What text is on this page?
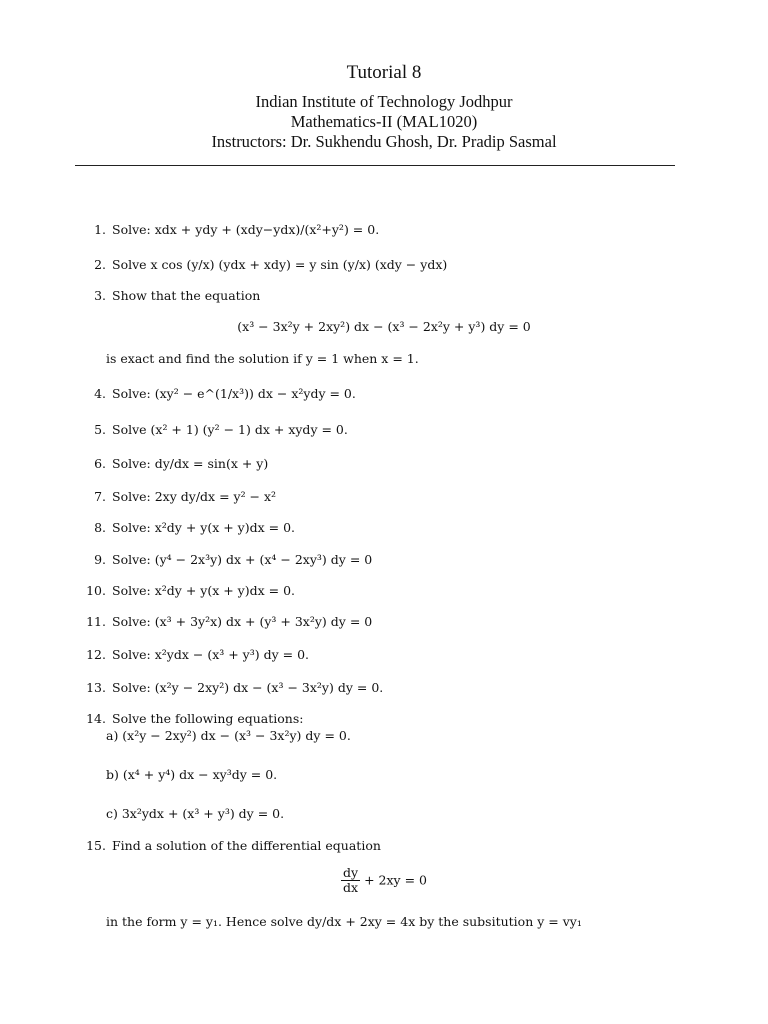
Tutorial 8
Indian Institute of Technology Jodhpur
Mathematics-II (MAL1020)
Instructors: Dr. Sukhendu Ghosh, Dr. Pradip Sasmal
1. Solve: xdx + ydy + (xdy−ydx)/(x²+y²) = 0.
2. Solve x cos (y/x) (ydx + xdy) = y sin (y/x) (xdy − ydx)
3. Show that the equation
(x³ − 3x²y + 2xy²) dx − (x³ − 2x²y + y³) dy = 0
is exact and find the solution if y = 1 when x = 1.
4. Solve: (xy² − e^(1/x³)) dx − x²ydy = 0.
5. Solve (x² + 1) (y² − 1) dx + xydy = 0.
6. Solve: dy/dx = sin(x + y)
7. Solve: 2xy dy/dx = y² − x²
8. Solve: x²dy + y(x + y)dx = 0.
9. Solve: (y⁴ − 2x³y) dx + (x⁴ − 2xy³) dy = 0
10. Solve: x²dy + y(x + y)dx = 0.
11. Solve: (x³ + 3y²x) dx + (y³ + 3x²y) dy = 0
12. Solve: x²ydx − (x³ + y³) dy = 0.
13. Solve: (x²y − 2xy²) dx − (x³ − 3x²y) dy = 0.
14. Solve the following equations:
a) (x²y − 2xy²) dx − (x³ − 3x²y) dy = 0.
b) (x⁴ + y⁴) dx − xy³dy = 0.
c) 3x²ydx + (x³ + y³) dy = 0.
15. Find a solution of the differential equation
$\frac{dy}{dx} + 2xy = 0$
in the form y = y₁. Hence solve dy/dx + 2xy = 4x by the subsitution y = vy₁
